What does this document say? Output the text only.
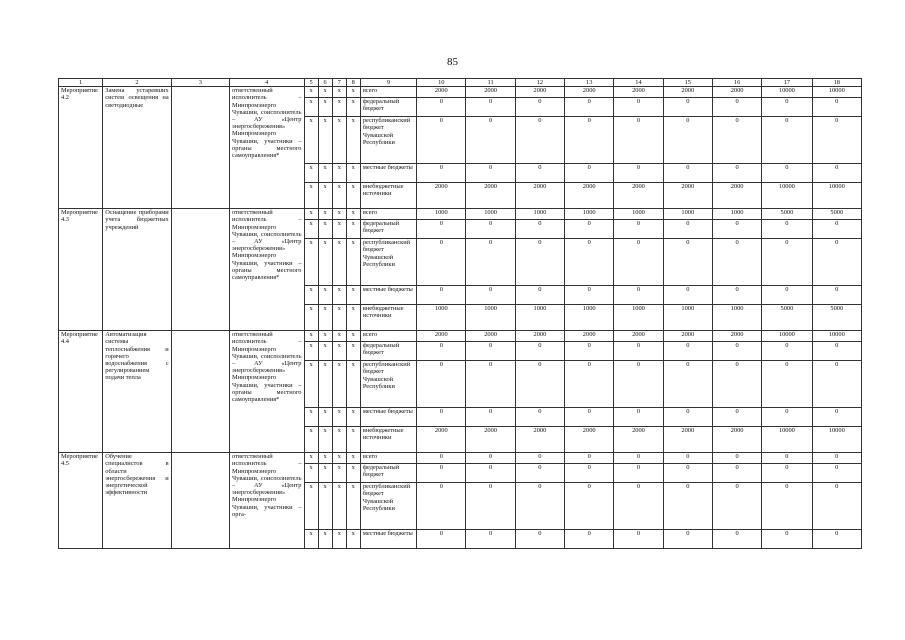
85
1	2	3	4	5	6	7	8	9	10	11	12	13	14	15	16	17	18
Мероприятие 4.2	Замена устаревших систем освещения на светодиодные		ответственный исполнитель – Минпромэнерго Чувашии, соисполнитель – АУ «Центр энергосбережения» Минпромэнерго Чувашии, участники – органы местного самоуправления*	x	x	x	x	всего	2000	2000	2000	2000	2000	2000	2000	10000	10000
				x	x	x	x	федеральный бюджет	0	0	0	0	0	0	0	0	0
				x	x	x	x	республиканский бюджет Чувашской Республики	0	0	0	0	0	0	0	0	0
				x	x	x	x	местные бюджеты	0	0	0	0	0	0	0	0	0
				x	x	x	x	внебюджетные источники	2000	2000	2000	2000	2000	2000	2000	10000	10000
Мероприятие 4.3	Оснащение приборами учета бюджетных учреждений		ответственный исполнитель – Минпромэнерго Чувашии, соисполнитель – АУ «Центр энергосбережения» Минпромэнерго Чувашии, участники – органы местного самоуправления*	x	x	x	x	всего	1000	1000	1000	1000	1000	1000	1000	5000	5000
				x	x	x	x	федеральный бюджет	0	0	0	0	0	0	0	0	0
				x	x	x	x	республиканский бюджет Чувашской Республики	0	0	0	0	0	0	0	0	0
				x	x	x	x	местные бюджеты	0	0	0	0	0	0	0	0	0
				x	x	x	x	внебюджетные источники	1000	1000	1000	1000	1000	1000	1000	5000	5000
Мероприятие 4.4	Автоматизация системы теплоснабжения и горячего водоснабжения с регулированием подачи тепла		ответственный исполнитель – Минпромэнерго Чувашии, соисполнитель – АУ «Центр энергосбережения» Минпромэнерго Чувашии, участники – органы местного самоуправления*	x	x	x	x	всего	2000	2000	2000	2000	2000	2000	2000	10000	10000
				x	x	x	x	федеральный бюджет	0	0	0	0	0	0	0	0	0
				x	x	x	x	республиканский бюджет Чувашской Республики	0	0	0	0	0	0	0	0	0
				x	x	x	x	местные бюджеты	0	0	0	0	0	0	0	0	0
				x	x	x	x	внебюджетные источники	2000	2000	2000	2000	2000	2000	2000	10000	10000
Мероприятие 4.5	Обучение специалистов в области энергосбережения и энергетической эффективности		ответственный исполнитель – Минпромэнерго Чувашии, соисполнитель – АУ «Центр энергосбережения» Минпромэнерго Чувашии, участники – орга-	x	x	x	x	всего	0	0	0	0	0	0	0	0	0
				x	x	x	x	федеральный бюджет	0	0	0	0	0	0	0	0	0
				x	x	x	x	республиканский бюджет Чувашской Республики	0	0	0	0	0	0	0	0	0
				x	x	x	x	местные бюджеты	0	0	0	0	0	0	0	0	0
